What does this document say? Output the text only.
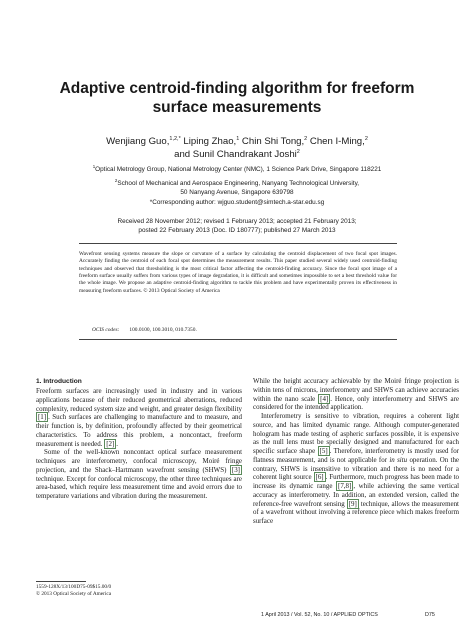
Adaptive centroid-finding algorithm for freeform
surface measurements
Wenjiang Guo,$^{1,2,*}$ Liping Zhao,$^1$ Chin Shi Tong,$^2$ Chen I-Ming,$^2$
and Sunil Chandrakant Joshi$^2$
$^1$Optical Metrology Group, National Metrology Center (NMC), 1 Science Park Drive, Singapore 118221
$^2$School of Mechanical and Aerospace Engineering, Nanyang Technological University,
50 Nanyang Avenue, Singapore 639798
*Corresponding author: wjguo.student@simtech.a-star.edu.sg
Received 28 November 2012; revised 1 February 2013; accepted 21 February 2013;
posted 22 February 2013 (Doc. ID 180777); published 27 March 2013
Wavefront sensing systems measure the slope or curvature of a surface by calculating the centroid displacement of two focal spot images. Accurately finding the centroid of each focal spot determines the measurement results. This paper studied several widely used centroid-finding techniques and observed that thresholding is the most critical factor affecting the centroid-finding accuracy. Since the focal spot image of a freeform surface usually suffers from various types of image degradation, it is difficult and sometimes impossible to set a best threshold value for the whole image. We propose an adaptive centroid-finding algorithm to tackle this problem and have experimentally proven its effectiveness in measuring freeform surfaces. © 2013 Optical Society of America
OCIS codes: 100.0100, 100.3010, 010.7350.
1. Introduction

Freeform surfaces are increasingly used in industry and in various applications because of their reduced geometrical aberrations, reduced complexity, reduced system size and weight, and greater design flexibility [1] . Such surfaces are challenging to manufacture and to measure, and their function is, by definition, profoundly affected by their geometrical characteristics. To address this problem, a noncontact, freeform measurement is needed. [2] .

Some of the well-known noncontact optical surface measurement techniques are interferometry, confocal microscopy, Moiré fringe projection, and the Shack–Hartmann wavefront sensing (SHWS) [3] technique. Except for confocal microscopy, the other three techniques are area-based, which require less measurement time and avoid errors due to temperature variations and vibration during the measurement.

While the height accuracy achievable by the Moiré fringe projection is within tens of microns, interferometry and SHWS can achieve accuracies within the nano scale [4] . Hence, only interferometry and SHWS are considered for the intended application.

Interferometry is sensitive to vibration, requires a coherent light source, and has limited dynamic range. Although computer-generated hologram has made testing of aspheric surfaces possible, it is expensive as the null lens must be specially designed and manufactured for each specific surface shape [5] . Therefore, interferometry is mostly used for flatness measurement, and is not applicable for in situ operation. On the contrary, SHWS is insensitive to vibration and there is no need for a coherent light source [6] . Furthermore, much progress has been made to increase its dynamic range [7,8] , while achieving the same vertical accuracy as interferometry. In addition, an extended version, called the reference-free wavefront sensing [9] technique, allows the measurement of a wavefront without involving a reference piece which makes freeform surface

1559-128X/13/100D75-09$15.00/0
© 2013 Optical Society of America
1 April 2013 / Vol. 52, No. 10 / APPLIED OPTICS	D75
